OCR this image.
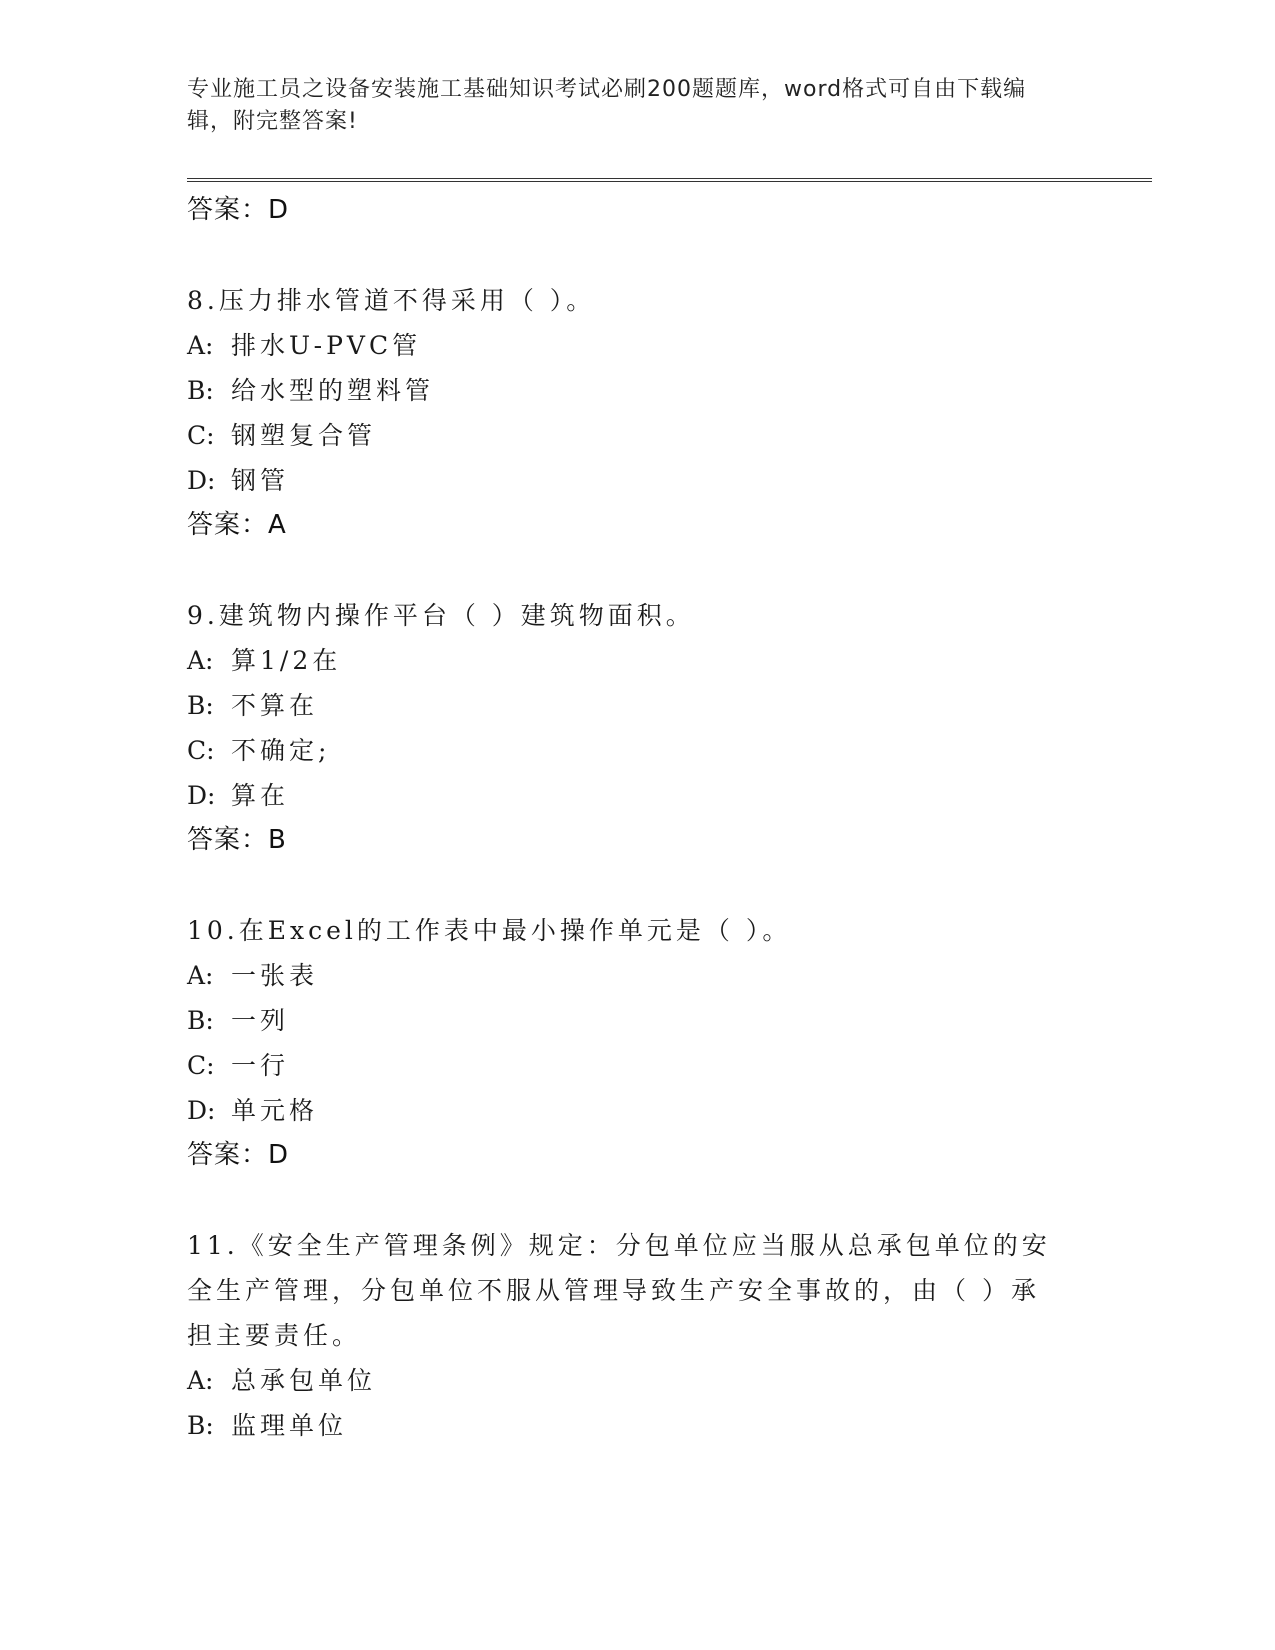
专业施工员之设备安装施工基础知识考试必刷200题题库，word格式可自由下载编辑，附完整答案!
答案：D
8.压力排水管道不得采用（ ）。
A: 排水U-PVC管
B: 给水型的塑料管
C: 钢塑复合管
D: 钢管
答案：A
9.建筑物内操作平台（ ）建筑物面积。
A: 算1/2在
B: 不算在
C: 不确定;
D: 算在
答案：B
10.在Excel的工作表中最小操作单元是（ ）。
A: 一张表
B: 一列
C: 一行
D: 单元格
答案：D
11.《安全生产管理条例》规定：分包单位应当服从总承包单位的安全生产管理，分包单位不服从管理导致生产安全事故的，由（ ）承担主要责任。
A: 总承包单位
B: 监理单位
